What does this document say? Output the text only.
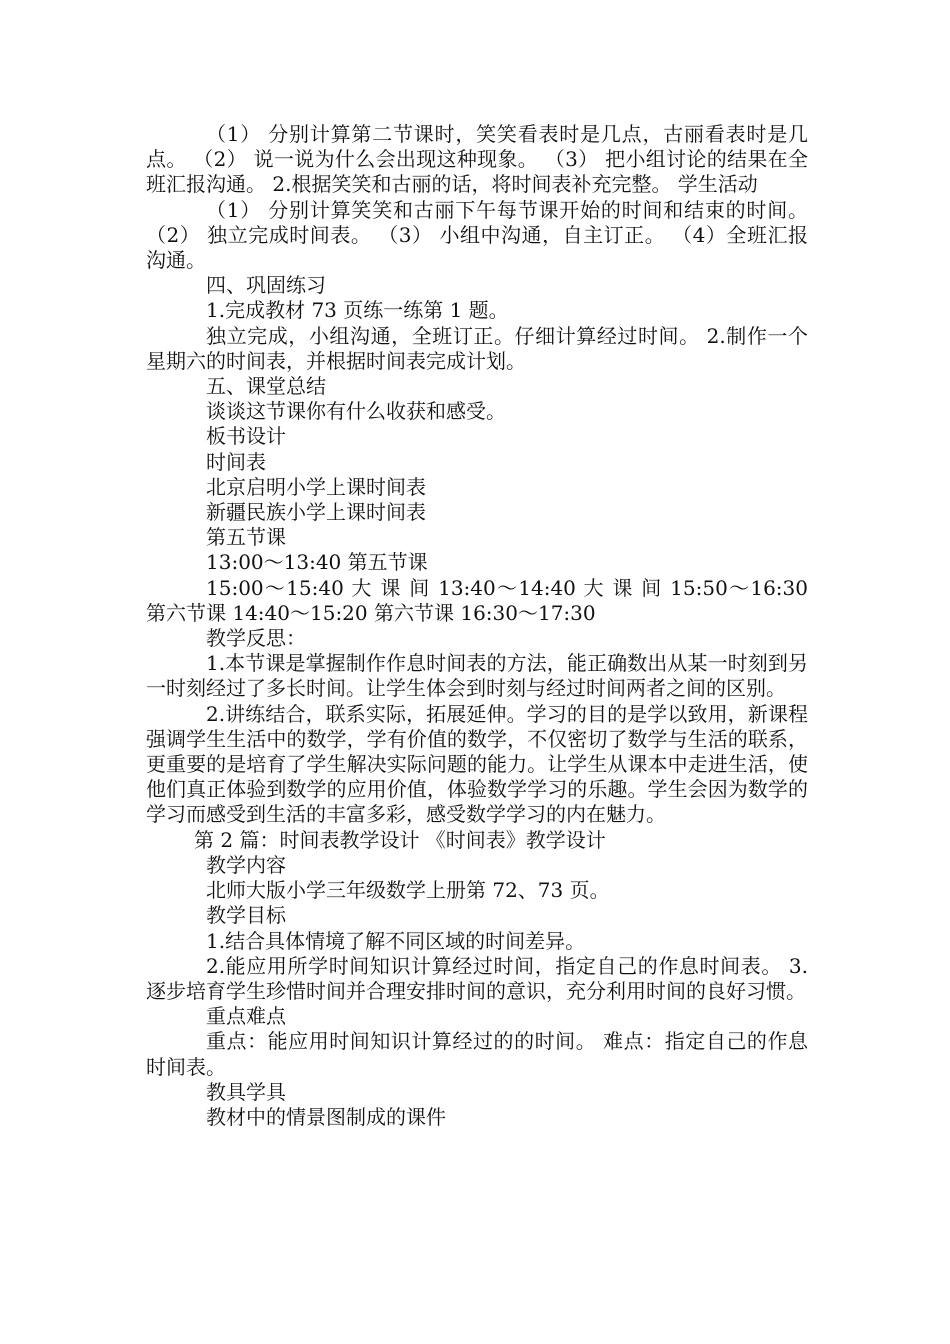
（1） 分别计算第二节课时，笑笑看表时是几点，古丽看表时是几点。 （2） 说一说为什么会出现这种现象。 （3） 把小组讨论的结果在全班汇报沟通。 2.根据笑笑和古丽的话，将时间表补充完整。 学生活动

（1） 分别计算笑笑和古丽下午每节课开始的时间和结束的时间。（2） 独立完成时间表。 （3） 小组中沟通，自主订正。 （4）全班汇报沟通。

四、巩固练习

1.完成教材 73 页练一练第 1 题。

独立完成，小组沟通，全班订正。仔细计算经过时间。 2.制作一个星期六的时间表，并根据时间表完成计划。

五、课堂总结

谈谈这节课你有什么收获和感受。

板书设计

时间表

北京启明小学上课时间表

新疆民族小学上课时间表

第五节课

13:00～13:40 第五节课

15:00～15:40 大 课 间 13:40～14:40 大 课 间 15:50～16:30 第六节课 14:40～15:20 第六节课 16:30～17:30

教学反思：

1.本节课是掌握制作作息时间表的方法，能正确数出从某一时刻到另一时刻经过了多长时间。让学生体会到时刻与经过时间两者之间的区别。

2.讲练结合，联系实际，拓展延伸。学习的目的是学以致用，新课程强调学生生活中的数学，学有价值的数学，不仅密切了数学与生活的联系，更重要的是培育了学生解决实际问题的能力。让学生从课本中走进生活，使他们真正体验到数学的应用价值，体验数学学习的乐趣。学生会因为数学的学习而感受到生活的丰富多彩，感受数学学习的内在魅力。

第 2 篇：时间表教学设计 《时间表》教学设计

教学内容

北师大版小学三年级数学上册第 72、73 页。

教学目标

1.结合具体情境了解不同区域的时间差异。

2.能应用所学时间知识计算经过时间，指定自己的作息时间表。 3.逐步培育学生珍惜时间并合理安排时间的意识，充分利用时间的良好习惯。

重点难点

重点：能应用时间知识计算经过的的时间。 难点：指定自己的作息时间表。

教具学具

教材中的情景图制成的课件
